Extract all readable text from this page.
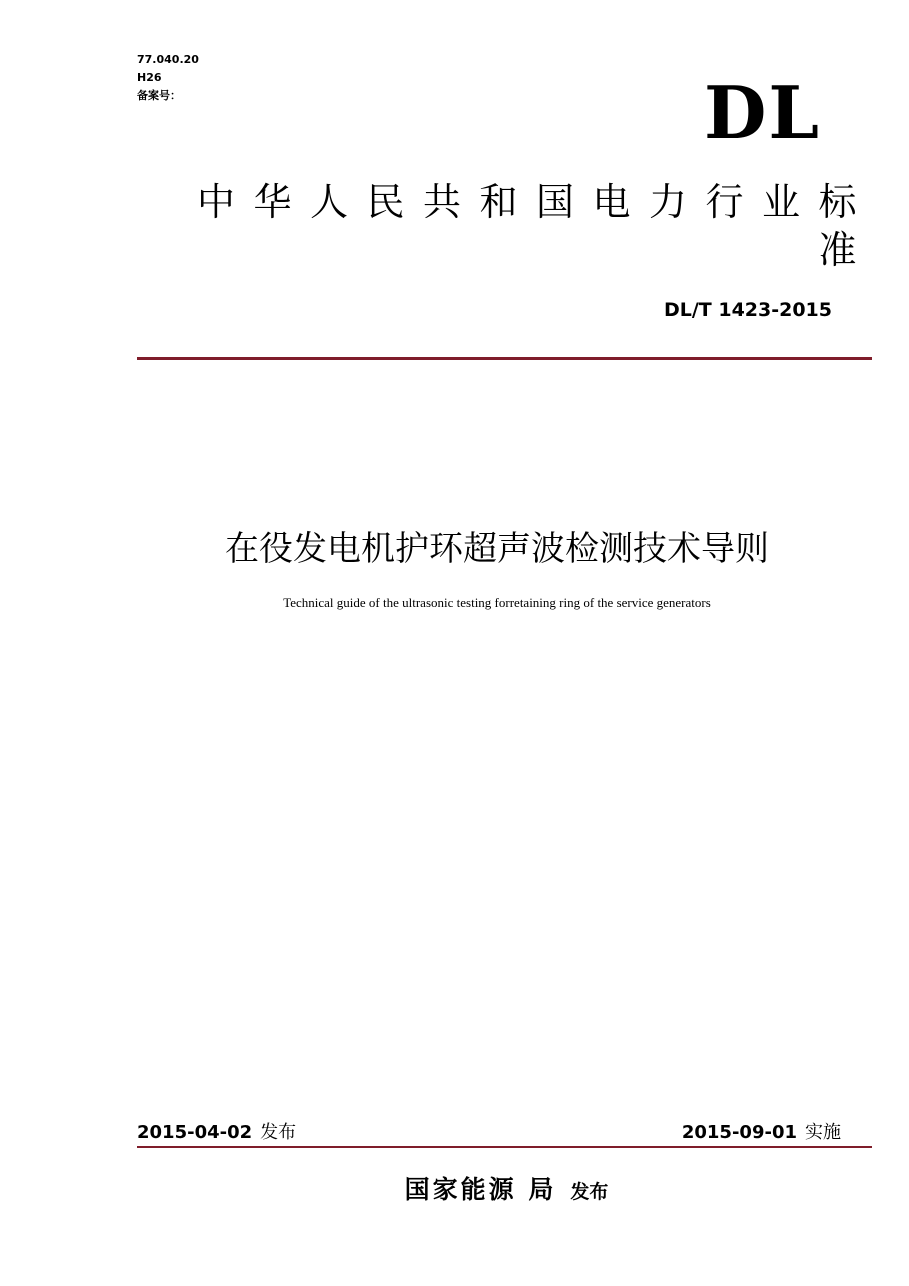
77.040.20
H26
备案号：	DL
中华人民共和国电力行业标准
DL/T 1423-2015
在役发电机护环超声波检测技术导则
Technical guide of the ultrasonic testing forretaining ring of the service generators
2015-04-02 发布	2015-09-01 实施
国家能源 局 发布
